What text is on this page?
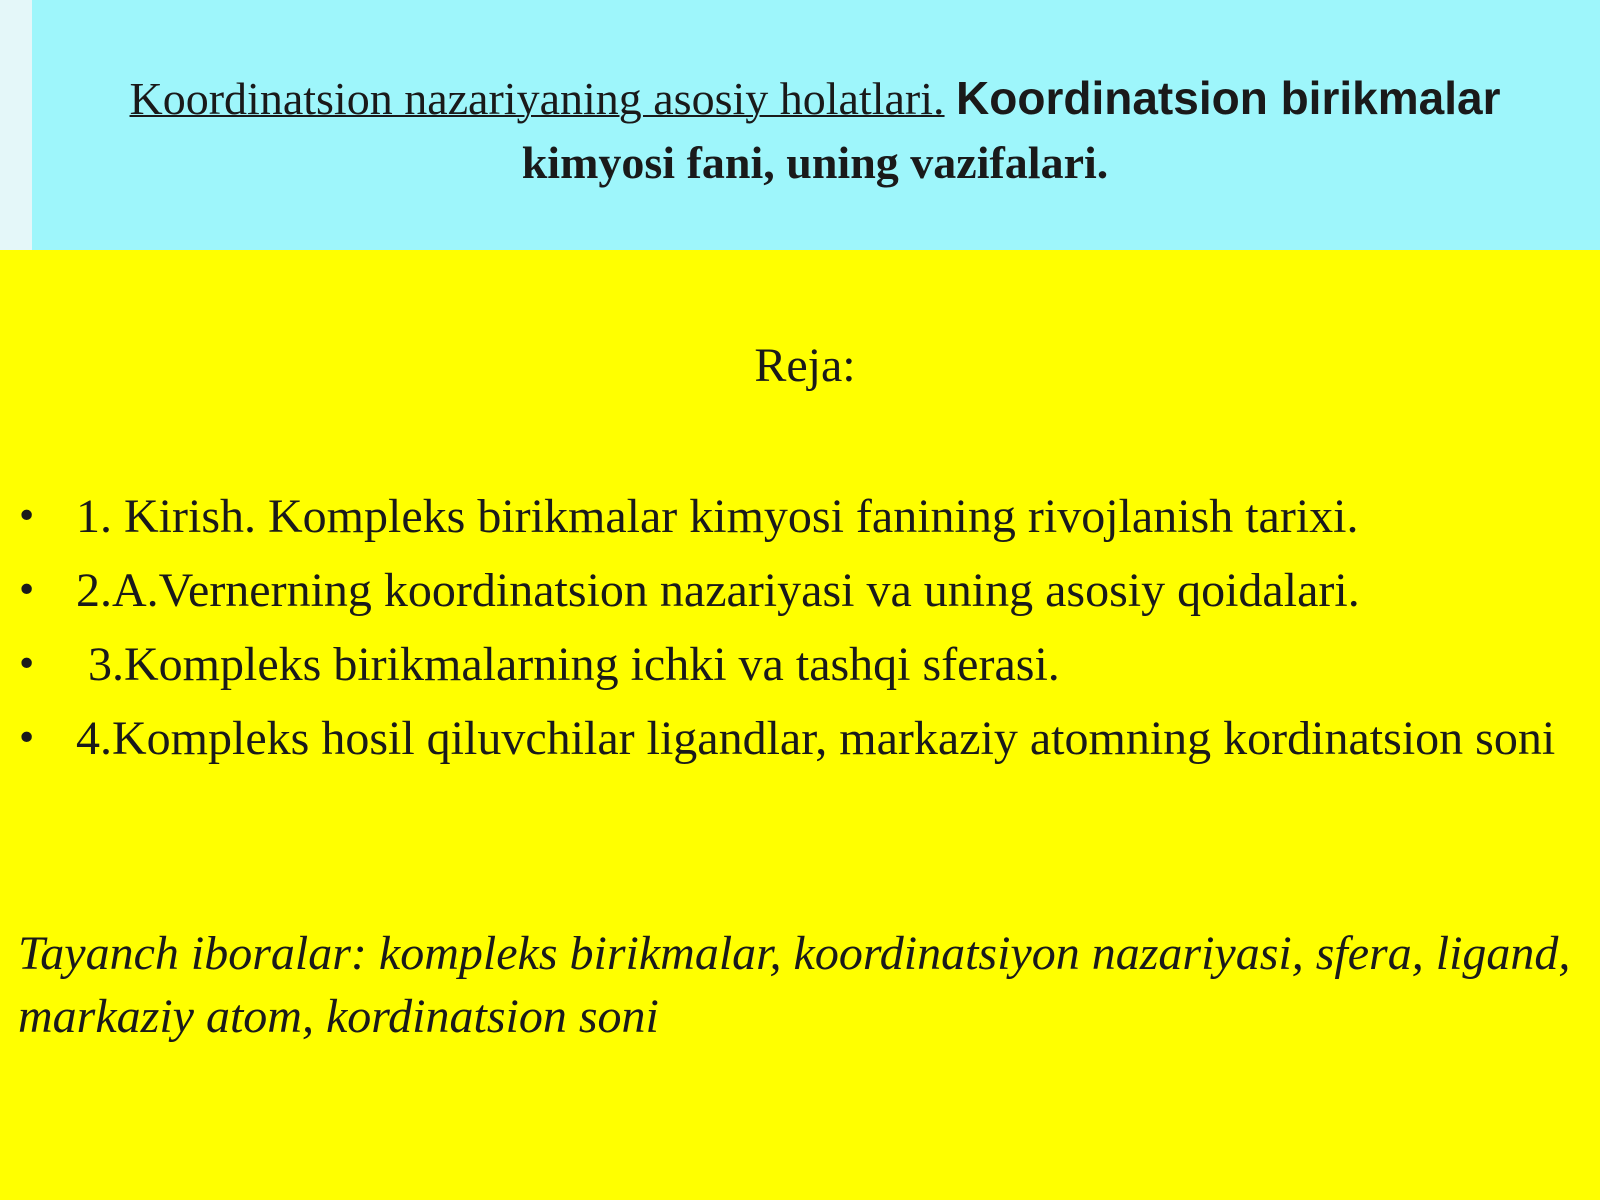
Koordinatsion nazariyaning asosiy holatlari. Koordinatsion birikmalar
kimyosi fani, uning vazifalari.
Reja:
• 1. Kirish. Kompleks birikmalar kimyosi fanining rivojlanish tarixi.
• 2.A.Vernerning koordinatsion nazariyasi va uning asosiy qoidalari.
• 3.Kompleks birikmalarning ichki va tashqi sferasi.
• 4.Kompleks hosil qiluvchilar ligandlar, markaziy atomning kordinatsion soni
Tayanch iboralar: kompleks birikmalar, koordinatsiyon nazariyasi, sfera, ligand, markaziy atom, kordinatsion soni
